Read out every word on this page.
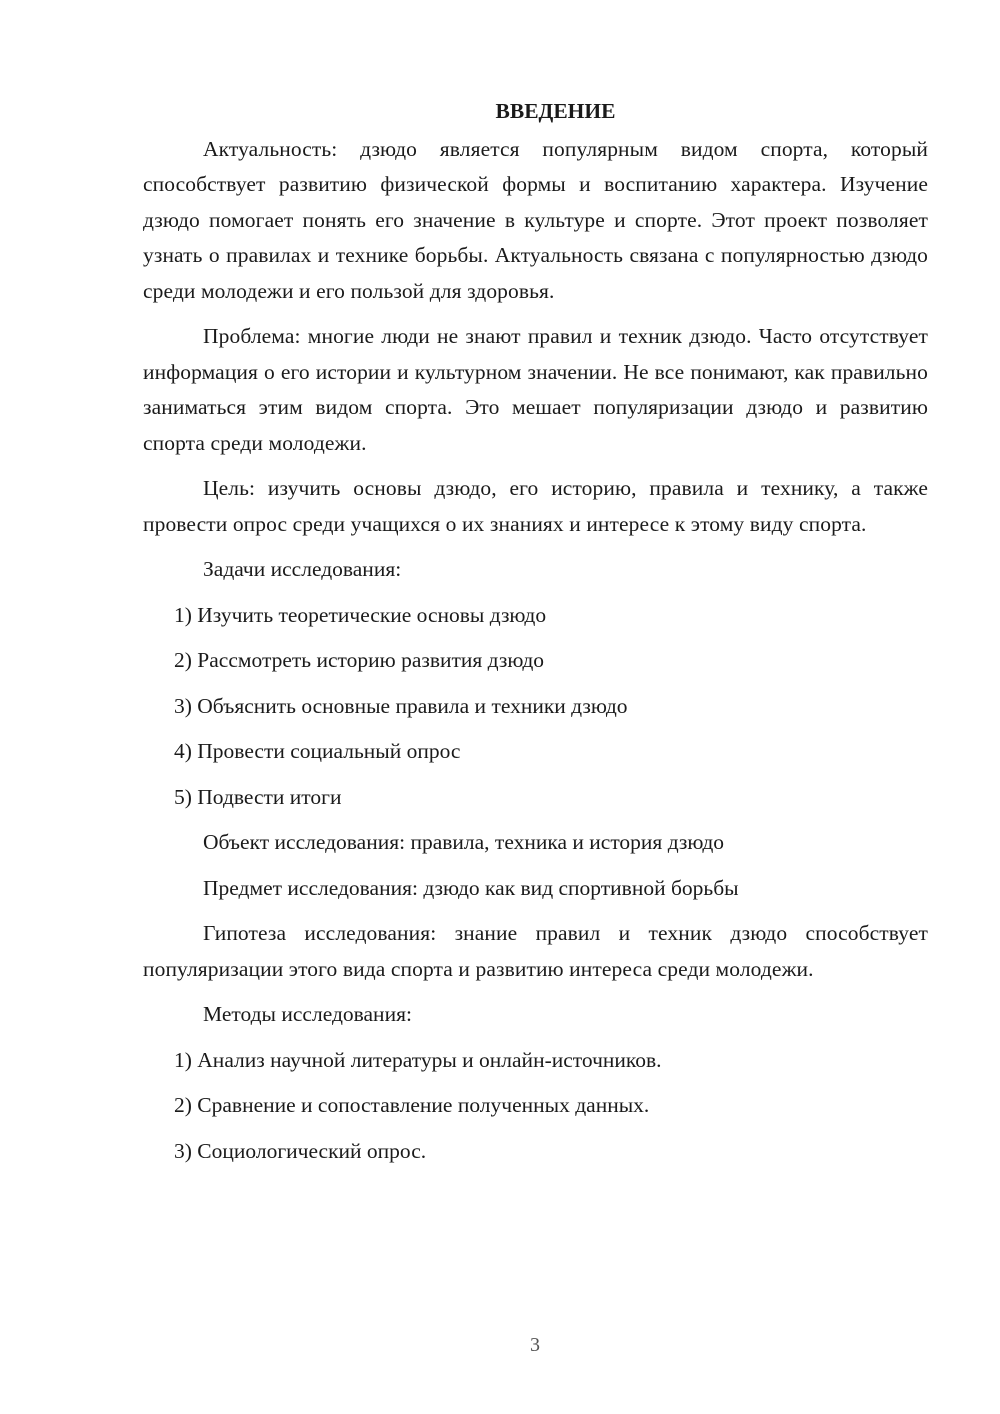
ВВЕДЕНИЕ

Актуальность: дзюдо является популярным видом спорта, который способствует развитию физической формы и воспитанию характера. Изучение дзюдо помогает понять его значение в культуре и спорте. Этот проект позволяет узнать о правилах и технике борьбы. Актуальность связана с популярностью дзюдо среди молодежи и его пользой для здоровья.

Проблема: многие люди не знают правил и техник дзюдо. Часто отсутствует информация о его истории и культурном значении. Не все понимают, как правильно заниматься этим видом спорта. Это мешает популяризации дзюдо и развитию спорта среди молодежи.

Цель: изучить основы дзюдо, его историю, правила и технику, а также провести опрос среди учащихся о их знаниях и интересе к этому виду спорта.

Задачи исследования:
1) Изучить теоретические основы дзюдо
2) Рассмотреть историю развития дзюдо
3) Объяснить основные правила и техники дзюдо
4) Провести социальный опрос
5) Подвести итоги
Объект исследования: правила, техника и история дзюдо
Предмет исследования: дзюдо как вид спортивной борьбы

Гипотеза исследования: знание правил и техник дзюдо способствует популяризации этого вида спорта и развитию интереса среди молодежи.

Методы исследования:
1) Анализ научной литературы и онлайн-источников.
2) Сравнение и сопоставление полученных данных.
3) Социологический опрос.
3
